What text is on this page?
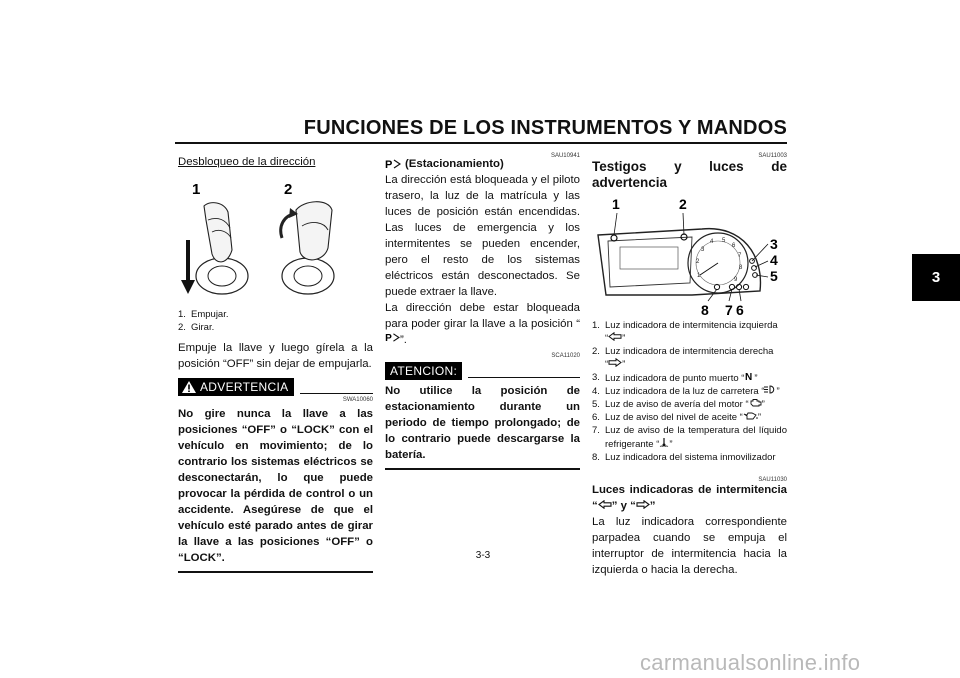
FUNCIONES DE LOS INSTRUMENTOS Y MANDOS
3
Desbloqueo de la dirección
1	2
1. Empujar.
2. Girar.

Empuje la llave y luego gírela a la posición “OFF” sin dejar de empujarla.

ADVERTENCIA
SWA10060

No gire nunca la llave a las posiciones “OFF” o “LOCK” con el vehículo en movimiento; de lo contrario los sistemas eléctricos se desconectarán, lo que puede provocar la pérdida de control o un accidente. Asegúrese de que el vehículo esté parado antes de girar la llave a las posiciones “OFF” o “LOCK”.

SAU10941
P (Estacionamiento)

La dirección está bloqueada y el piloto trasero, la luz de la matrícula y las luces de posición están encendidas. Las luces de emergencia y los intermitentes se pueden encender, pero el resto de los sistemas eléctricos están desconectados. Se puede extraer la llave.

La dirección debe estar bloqueada para poder girar la llave a la posición “
P ”.

SCA11020
ATENCION:

No utilice la posición de estacionamiento durante un periodo de tiempo prolongado; de lo contrario puede descargarse la batería.

SAU11003
Testigos y luces de advertencia
1	2
3
4
5
8 7 6
1
2
3
4 5
6
7
8
9
1. Luz indicadora de intermitencia izquierda
“ ”
2. Luz indicadora de intermitencia derecha
“ ”
3. Luz indicadora de punto muerto “ N ”
4. Luz indicadora de la luz de carretera “ ”
5. Luz de aviso de avería del motor “ ”
6. Luz de aviso del nivel de aceite “ ”
7. Luz de aviso de la temperatura del líquido refrigerante “ ”
8. Luz indicadora del sistema inmovilizador
SAU11030
Luces indicadoras de intermitencia “ ” y “ ”

La luz indicadora correspondiente parpadea cuando se empuja el interruptor de intermitencia hacia la izquierda o hacia la derecha.

3-3
carmanualsonline.info
